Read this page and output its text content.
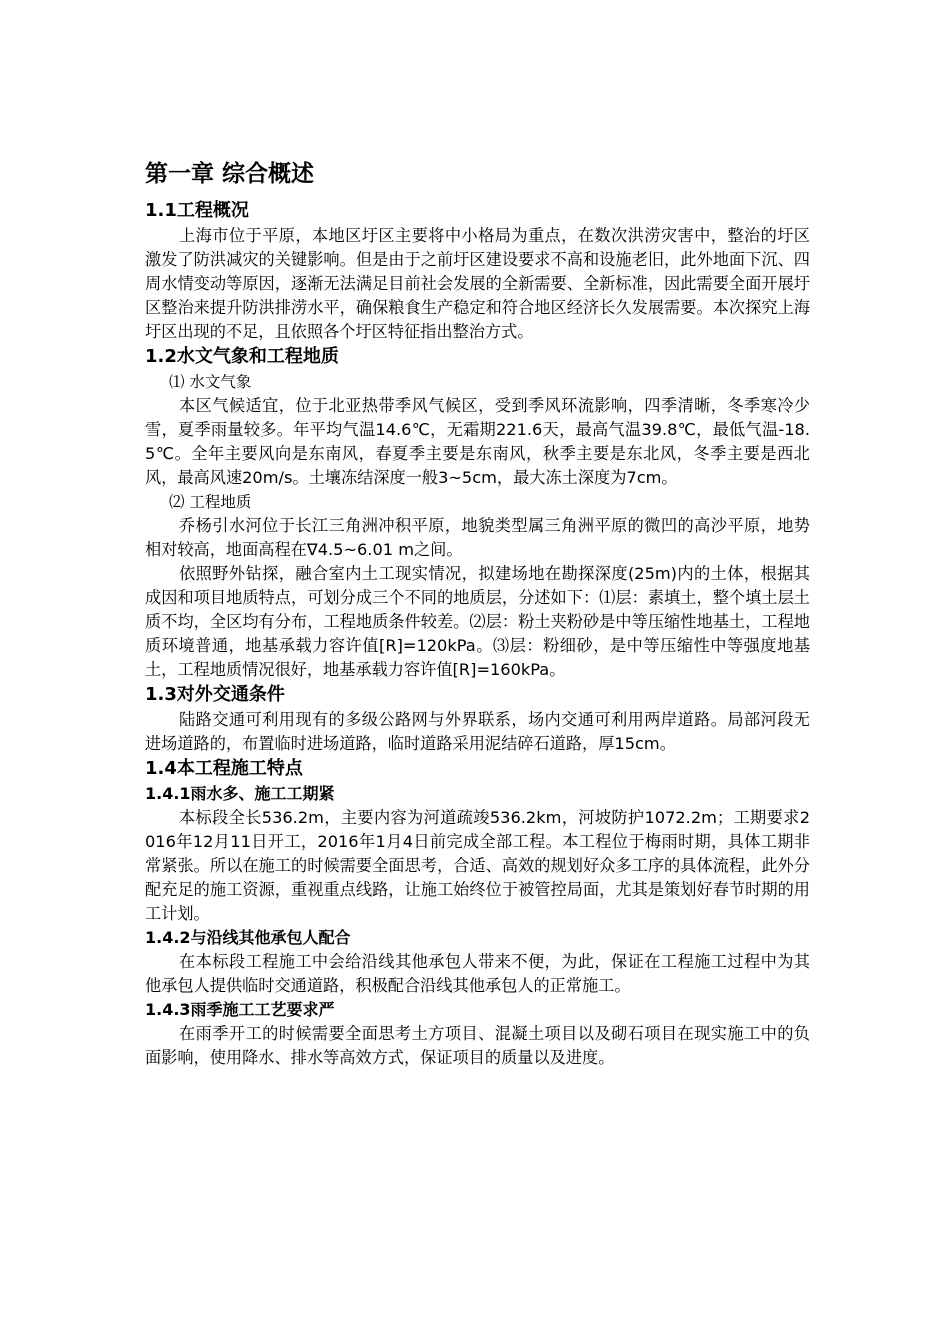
第一章 综合概述
1.1工程概况
上海市位于平原，本地区圩区主要将中小格局为重点，在数次洪涝灾害中，整治的圩区激发了防洪减灾的关键影响。但是由于之前圩区建设要求不高和设施老旧，此外地面下沉、四周水情变动等原因，逐渐无法满足目前社会发展的全新需要、全新标准，因此需要全面开展圩区整治来提升防洪排涝水平，确保粮食生产稳定和符合地区经济长久发展需要。本次探究上海圩区出现的不足，且依照各个圩区特征指出整治方式。
1.2水文气象和工程地质
⑴ 水文气象
本区气候适宜，位于北亚热带季风气候区，受到季风环流影响，四季清晰，冬季寒冷少雪，夏季雨量较多。年平均气温14.6℃，无霜期221.6天，最高气温39.8℃，最低气温-18.5℃。全年主要风向是东南风，春夏季主要是东南风，秋季主要是东北风，冬季主要是西北风，最高风速20m/s。土壤冻结深度一般3~5cm，最大冻土深度为7cm。
⑵ 工程地质
乔杨引水河位于长江三角洲冲积平原，地貌类型属三角洲平原的微凹的高沙平原，地势相对较高，地面高程在∇4.5~6.01 m之间。
依照野外钻探，融合室内土工现实情况，拟建场地在勘探深度(25m)内的土体，根据其成因和项目地质特点，可划分成三个不同的地质层，分述如下：⑴层：素填土，整个填土层土质不均，全区均有分布，工程地质条件较差。⑵层：粉土夹粉砂是中等压缩性地基土，工程地质环境普通，地基承载力容许值[R]=120kPa。⑶层：粉细砂，是中等压缩性中等强度地基土，工程地质情况很好，地基承载力容许值[R]=160kPa。
1.3对外交通条件
陆路交通可利用现有的多级公路网与外界联系，场内交通可利用两岸道路。局部河段无进场道路的，布置临时进场道路，临时道路采用泥结碎石道路，厚15cm。
1.4本工程施工特点
1.4.1雨水多、施工工期紧
本标段全长536.2m，主要内容为河道疏竣536.2km，河坡防护1072.2m；工期要求2016年12月11日开工，2016年1月4日前完成全部工程。本工程位于梅雨时期，具体工期非常紧张。所以在施工的时候需要全面思考，合适、高效的规划好众多工序的具体流程，此外分配充足的施工资源，重视重点线路，让施工始终位于被管控局面，尤其是策划好春节时期的用工计划。
1.4.2与沿线其他承包人配合
在本标段工程施工中会给沿线其他承包人带来不便，为此，保证在工程施工过程中为其他承包人提供临时交通道路，积极配合沿线其他承包人的正常施工。
1.4.3雨季施工工艺要求严
在雨季开工的时候需要全面思考土方项目、混凝土项目以及砌石项目在现实施工中的负面影响，使用降水、排水等高效方式，保证项目的质量以及进度。
